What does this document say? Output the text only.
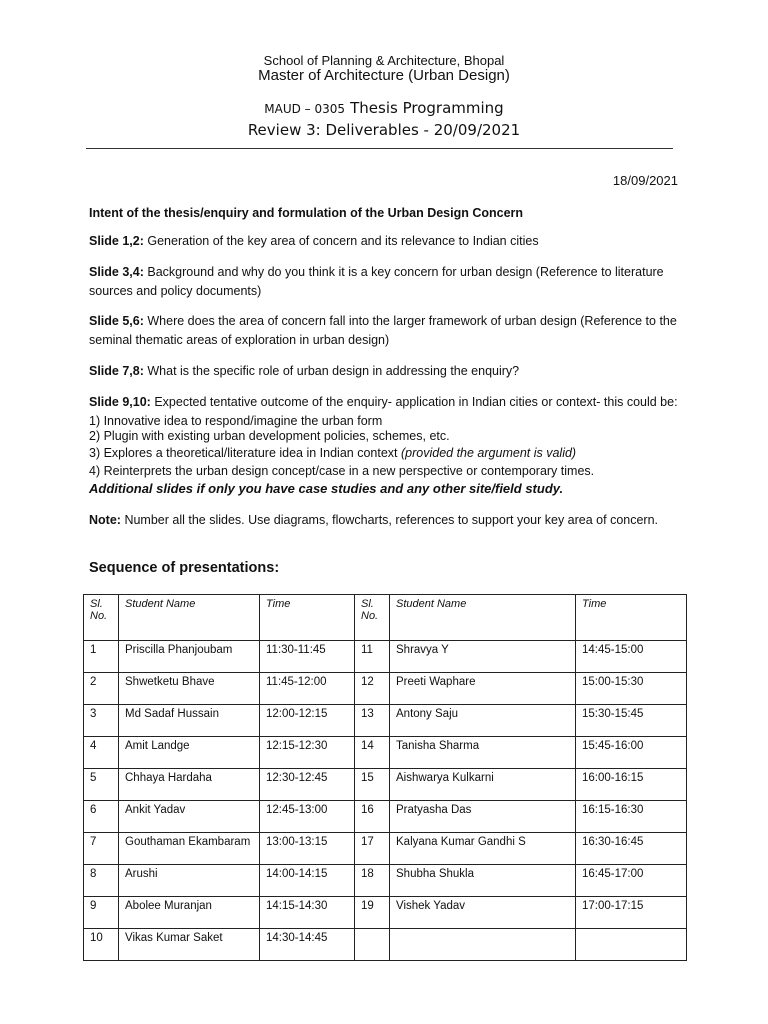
School of Planning & Architecture, Bhopal
Master of Architecture (Urban Design)
MAUD – 0305 Thesis Programming
Review 3: Deliverables - 20/09/2021
18/09/2021
Intent of the thesis/enquiry and formulation of the Urban Design Concern
Slide 1,2: Generation of the key area of concern and its relevance to Indian cities
Slide 3,4: Background and why do you think it is a key concern for urban design (Reference to literature sources and policy documents)
Slide 5,6: Where does the area of concern fall into the larger framework of urban design (Reference to the seminal thematic areas of exploration in urban design)
Slide 7,8: What is the specific role of urban design in addressing the enquiry?
Slide 9,10: Expected tentative outcome of the enquiry- application in Indian cities or context- this could be: 1) Innovative idea to respond/imagine the urban form
2) Plugin with existing urban development policies, schemes, etc.
3) Explores a theoretical/literature idea in Indian context (provided the argument is valid)
4) Reinterprets the urban design concept/case in a new perspective or contemporary times.
Additional slides if only you have case studies and any other site/field study.
Note: Number all the slides. Use diagrams, flowcharts, references to support your key area of concern.
Sequence of presentations:
Sl. No.	Student Name	Time	Sl. No.	Student Name	Time
1	Priscilla Phanjoubam	11:30-11:45	11	Shravya Y	14:45-15:00
2	Shwetketu Bhave	11:45-12:00	12	Preeti Waphare	15:00-15:30
3	Md Sadaf Hussain	12:00-12:15	13	Antony Saju	15:30-15:45
4	Amit Landge	12:15-12:30	14	Tanisha Sharma	15:45-16:00
5	Chhaya Hardaha	12:30-12:45	15	Aishwarya Kulkarni	16:00-16:15
6	Ankit Yadav	12:45-13:00	16	Pratyasha Das	16:15-16:30
7	Gouthaman Ekambaram	13:00-13:15	17	Kalyana Kumar Gandhi S	16:30-16:45
8	Arushi	14:00-14:15	18	Shubha Shukla	16:45-17:00
9	Abolee Muranjan	14:15-14:30	19	Vishek Yadav	17:00-17:15
10	Vikas Kumar Saket	14:30-14:45			
